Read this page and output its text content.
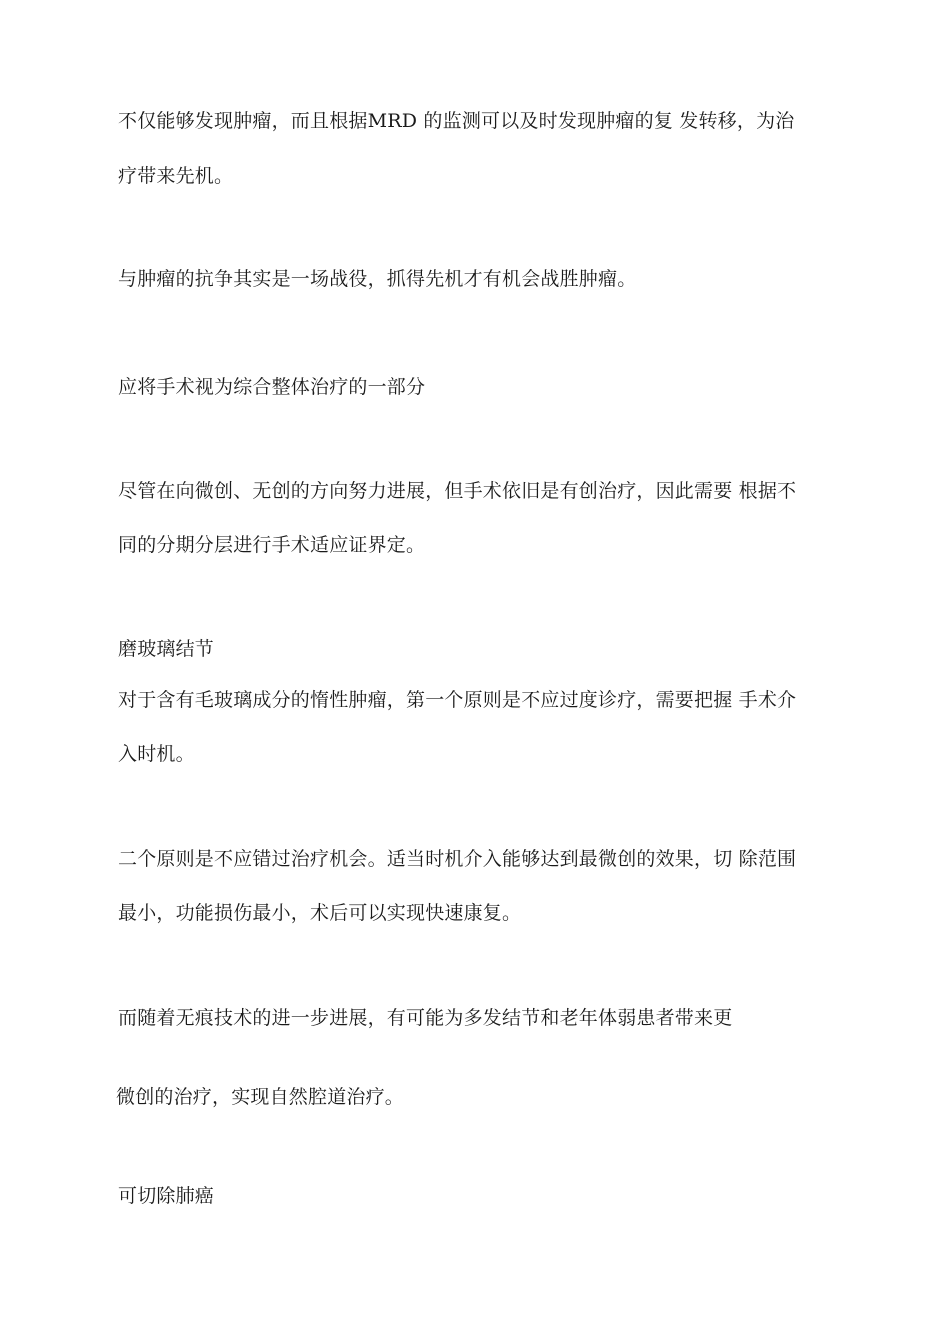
不仅能够发现肿瘤，而且根据MRD 的监测可以及时发现肿瘤的复 发转移，为治
疗带来先机。
与肿瘤的抗争其实是一场战役，抓得先机才有机会战胜肿瘤。
应将手术视为综合整体治疗的一部分
尽管在向微创、无创的方向努力进展，但手术依旧是有创治疗，因此需要 根据不
同的分期分层进行手术适应证界定。
磨玻璃结节
对于含有毛玻璃成分的惰性肿瘤，第一个原则是不应过度诊疗，需要把握 手术介
入时机。
二个原则是不应错过治疗机会。适当时机介入能够达到最微创的效果，切 除范围
最小，功能损伤最小，术后可以实现快速康复。
而随着无痕技术的进一步进展，有可能为多发结节和老年体弱患者带来更
微创的治疗，实现自然腔道治疗。
可切除肺癌
